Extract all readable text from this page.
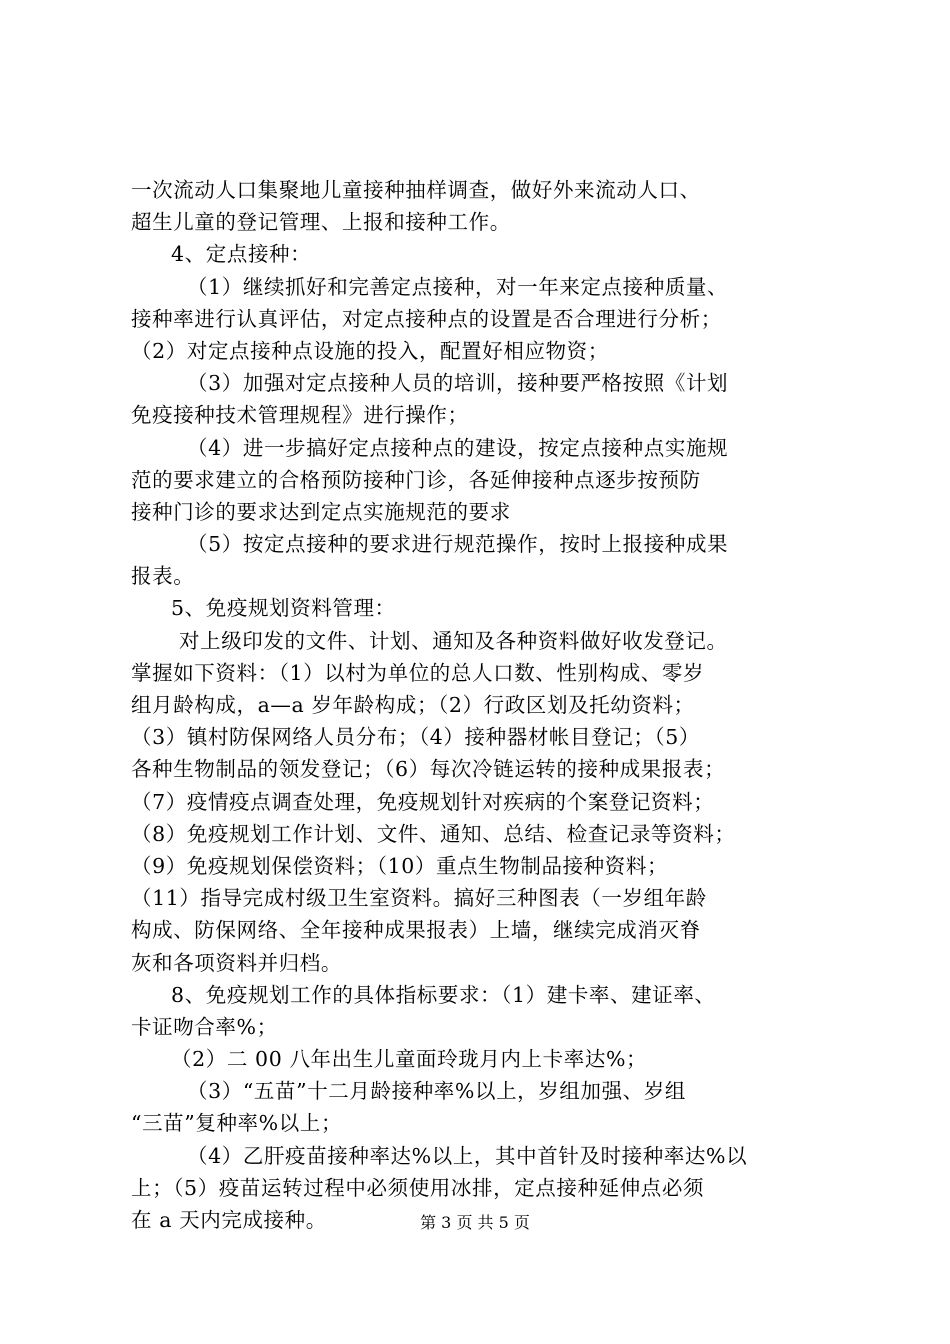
一次流动人口集聚地儿童接种抽样调查，做好外来流动人口、
超生儿童的登记管理、上报和接种工作。
4、定点接种：
（1）继续抓好和完善定点接种，对一年来定点接种质量、
接种率进行认真评估，对定点接种点的设置是否合理进行分析；
（2）对定点接种点设施的投入，配置好相应物资；
（3）加强对定点接种人员的培训，接种要严格按照《计划
免疫接种技术管理规程》进行操作；
（4）进一步搞好定点接种点的建设，按定点接种点实施规
范的要求建立的合格预防接种门诊，各延伸接种点逐步按预防
接种门诊的要求达到定点实施规范的要求
（5）按定点接种的要求进行规范操作，按时上报接种成果
报表。
5、免疫规划资料管理：
对上级印发的文件、计划、通知及各种资料做好收发登记。
掌握如下资料：（1）以村为单位的总人口数、性别构成、零岁
组月龄构成，a—a 岁年龄构成；（2）行政区划及托幼资料；
（3）镇村防保网络人员分布；（4）接种器材帐目登记；（5）
各种生物制品的领发登记；（6）每次冷链运转的接种成果报表；
（7）疫情疫点调查处理，免疫规划针对疾病的个案登记资料；
（8）免疫规划工作计划、文件、通知、总结、检查记录等资料；
（9）免疫规划保偿资料；（10）重点生物制品接种资料；
（11）指导完成村级卫生室资料。搞好三种图表（一岁组年龄
构成、防保网络、全年接种成果报表）上墙，继续完成消灭脊
灰和各项资料并归档。
8、免疫规划工作的具体指标要求：（1）建卡率、建证率、
卡证吻合率%；
（2）二 00 八年出生儿童面玲珑月内上卡率达%；
（3）“五苗”十二月龄接种率%以上，岁组加强、岁组
“三苗”复种率%以上；
（4）乙肝疫苗接种率达%以上，其中首针及时接种率达%以
上；（5）疫苗运转过程中必须使用冰排，定点接种延伸点必须
在 a 天内完成接种。	第 3 页 共 5 页
